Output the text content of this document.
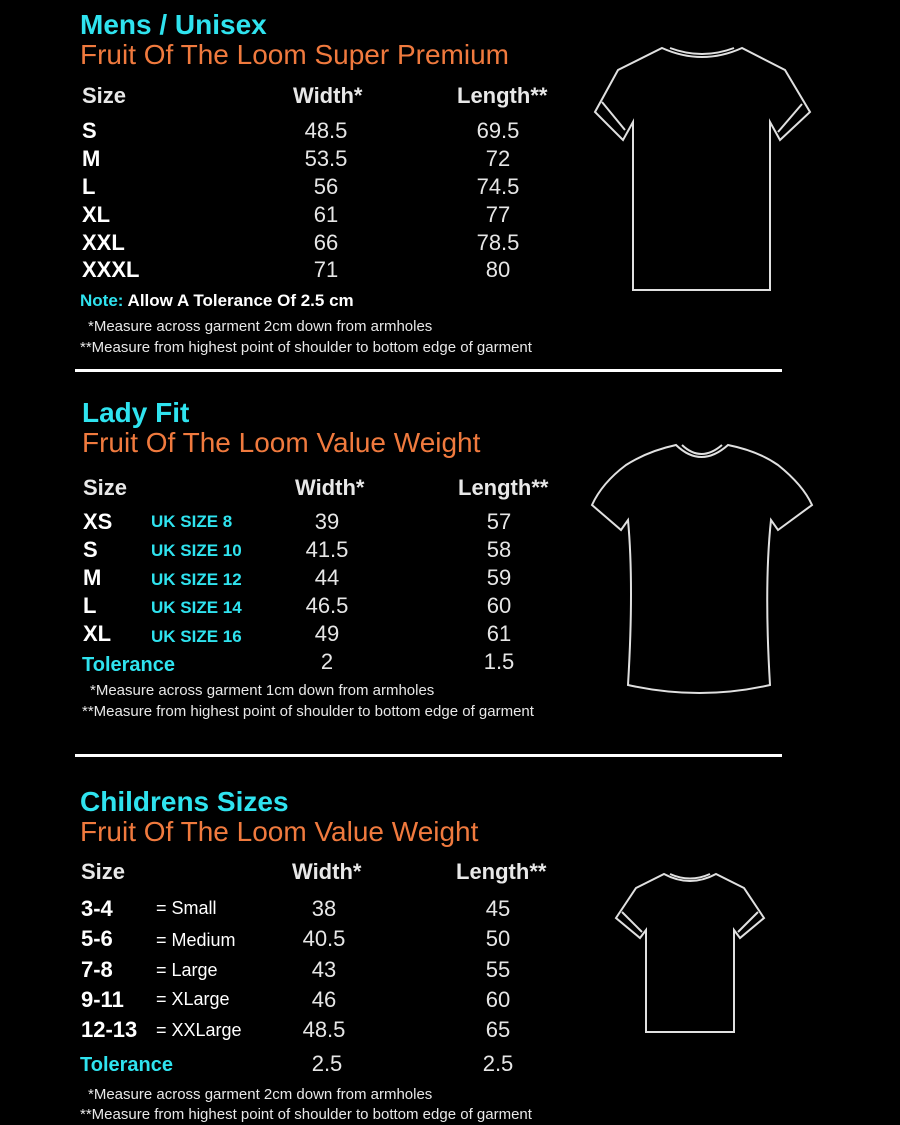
Mens / Unisex
Fruit Of The Loom Super Premium
Size	Width*	Length**
S	48.5	69.5
M	53.5	72
L	56	74.5
XL	61	77
XXL	66	78.5
XXXL	71	80
Note: Allow A Tolerance Of 2.5 cm
*Measure across garment 2cm down from armholes
**Measure from highest point of shoulder to bottom edge of garment
Lady Fit
Fruit Of The Loom Value Weight
Size	Width*	Length**
XS UK SIZE 8	39	57
S	UK SIZE 10	41.5	58
M	UK SIZE 12	44	59
L	UK SIZE 14	46.5	60
XL UK SIZE 16	49	61
Tolerance	2	1.5
*Measure across garment 1cm down from armholes
**Measure from highest point of shoulder to bottom edge of garment
Childrens Sizes
Fruit Of The Loom Value Weight
Size	Width*	Length**
3-4 = Small	38	45
5-6 = Medium	40.5	50
7-8 = Large	43	55
9-11 = XLarge	46	60
12-13 = XXLarge	48.5	65
Tolerance	2.5	2.5
*Measure across garment 2cm down from armholes
**Measure from highest point of shoulder to bottom edge of garment
